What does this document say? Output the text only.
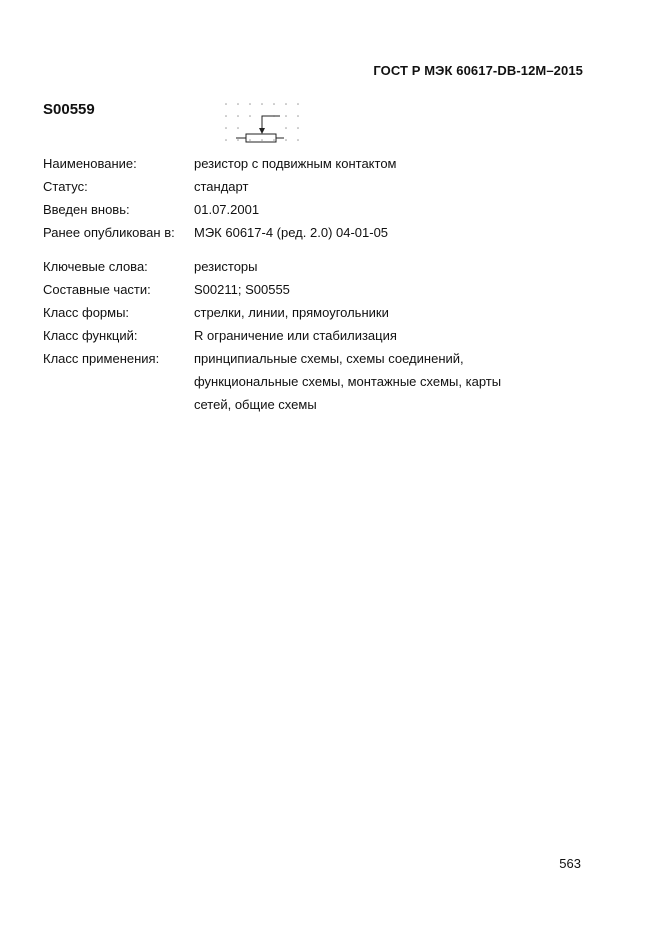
ГОСТ Р МЭК 60617-DB-12M–2015
S00559
Наименование:	резистор с подвижным контактом
Статус:	стандарт
Введен вновь:	01.07.2001
Ранее опубликован в: МЭК 60617-4 (ред. 2.0) 04-01-05
Ключевые слова:	резисторы
Составные части:	S00211; S00555
Класс формы:	стрелки, линии, прямоугольники
Класс функций:	R ограничение или стабилизация
Класс применения:	принципиальные схемы, схемы соединений,
функциональные схемы, монтажные схемы, карты
сетей, общие схемы
563
